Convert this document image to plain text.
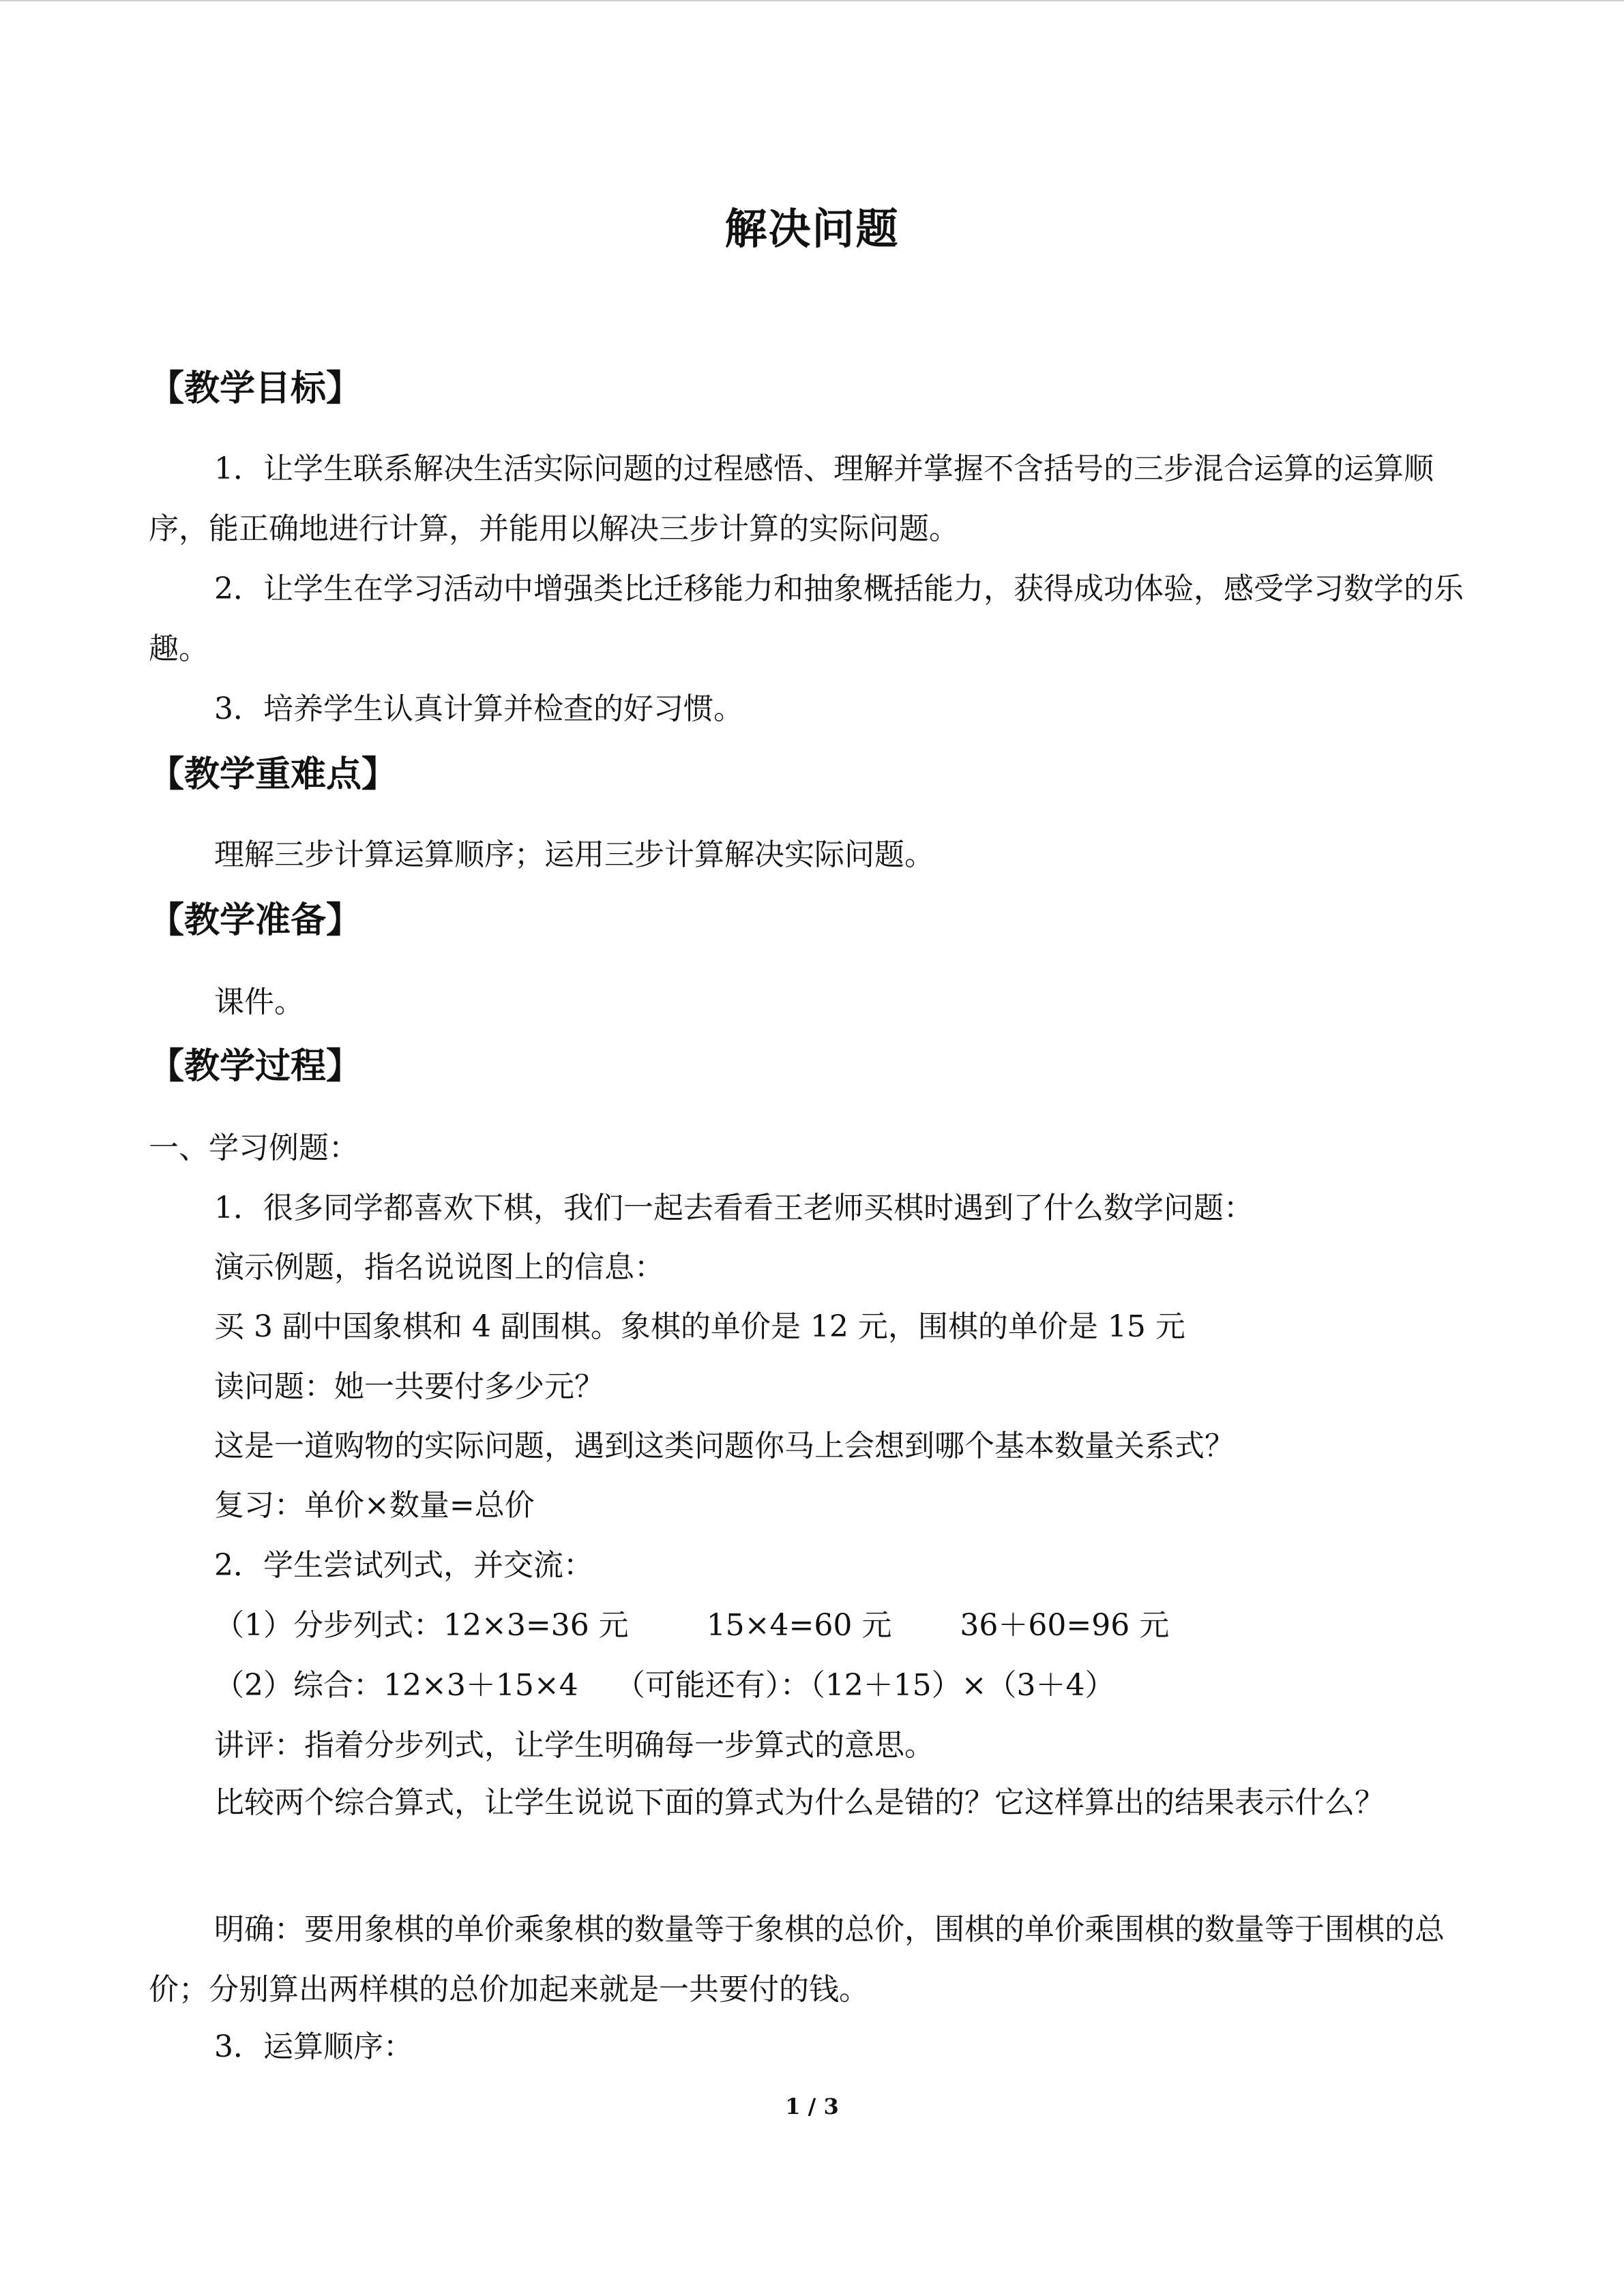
解决问题
【教学目标】

1．让学生联系解决生活实际问题的过程感悟、理解并掌握不含括号的三步混合运算的运算顺序，能正确地进行计算，并能用以解决三步计算的实际问题。

2．让学生在学习活动中增强类比迁移能力和抽象概括能力，获得成功体验，感受学习数学的乐趣。

3．培养学生认真计算并检查的好习惯。

【教学重难点】
理解三步计算运算顺序；运用三步计算解决实际问题。
【教学准备】
课件。
【教学过程】
一、学习例题：
1．很多同学都喜欢下棋，我们一起去看看王老师买棋时遇到了什么数学问题：
演示例题，指名说说图上的信息：
买 3 副中国象棋和 4 副围棋。象棋的单价是 12 元，围棋的单价是 15 元
读问题：她一共要付多少元？
这是一道购物的实际问题，遇到这类问题你马上会想到哪个基本数量关系式？
复习：单价×数量=总价
2．学生尝试列式，并交流：
（1）分步列式：12×3=36 元	15×4=60 元 36＋60=96 元
（2）综合：12×3＋15×4 （可能还有）：（12＋15）×（3＋4）
讲评：指着分步列式，让学生明确每一步算式的意思。

比较两个综合算式，让学生说说下面的算式为什么是错的？它这样算出的结果表示什么？

明确：要用象棋的单价乘象棋的数量等于象棋的总价，围棋的单价乘围棋的数量等于围棋的总价；分别算出两样棋的总价加起来就是一共要付的钱。

3．运算顺序：
1 / 3
